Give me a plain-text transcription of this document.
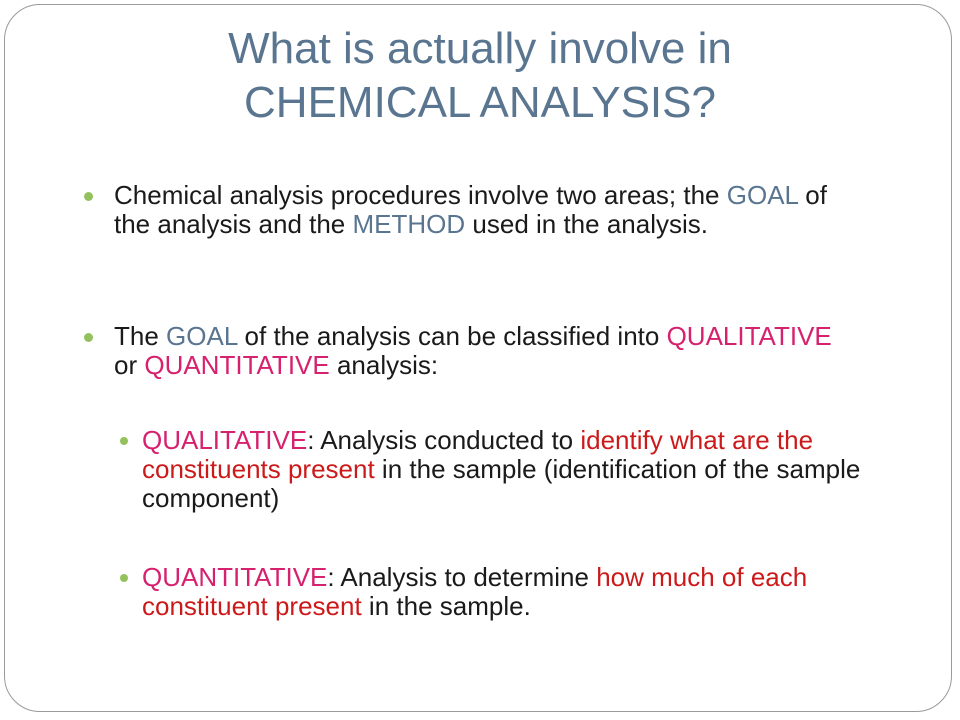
What is actually involve in
CHEMICAL ANALYSIS?
Chemical analysis procedures involve two areas; the GOAL of the analysis and the METHOD used in the analysis.
The GOAL of the analysis can be classified into QUALITATIVE or QUANTITATIVE analysis:
QUALITATIVE: Analysis conducted to identify what are the constituents present in the sample (identification of the sample component)
QUANTITATIVE: Analysis to determine how much of each constituent present in the sample.
